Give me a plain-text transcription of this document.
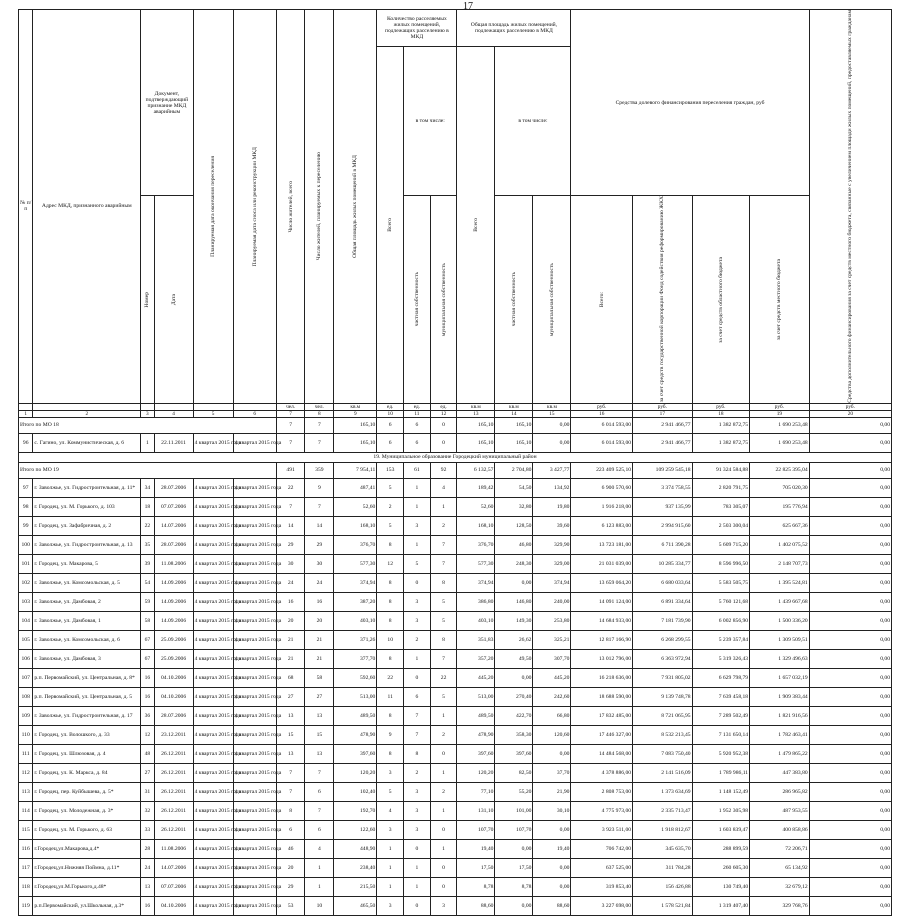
17
№ п/п	Адрес МКД, признанного аварийным	Документ, подтверждающий признание МКД аварийным		Планируемая дата окончания переселения	Планируемая дата сноса или реконструкции МКД	Число жителей, всего	Число жителей, планируемых к переселению	Общая площадь жилых помещений в МКД	Количество расселяемых жилых помещений, подлежащих расселению в МКД			Общая площадь жилых помещений, подлежащих расселению в МКД			Средства долевого финансирования переселения граждан, руб				Средства дополнительного финансирования за счет средств местного бюджета, связанные с увеличением площади жилых помещений, предоставляемых гражданам

									Всего	в том числе:		Всего	в том числе:						

		Номер	Дата							частная собственность	муниципальная собственность		частная собственность	муниципальная собственность	Всего:	за счет средств государственной корпорации Фонд содействия реформированию ЖКХ	за счет средств областного бюджета	за счет средств местного бюджета	

						чел.	чел.	кв.м	ед.	ед.	ед.	кв.м	кв.м	кв.м	руб.	руб.	руб.	руб.	руб.
1	2	3	4	5	6	7	8	9	10	11	12	13	14	15	16	17	18	19	20
Итого по МО 18						7	7	165,10	6	6	0	165,10	165,10	0,00	6 014 593,00	2 941 466,77	1 382 872,75	1 690 253,48	0,00
96	с. Гагино, ул. Коммунистическая, д. 6	1	22.11.2011	4 квартал 2015 года	4 квартал 2015 года	7	7	165,10	6	6	0	165,10	165,10	0,00	6 014 593,00	2 941 466,77	1 382 872,75	1 690 253,48	0,00
19. Муниципальное образование Городецкий муниципальный район																			
Итого по МО 19						491	359	7 954,11	153	61	92	6 132,57	2 704,80	3 427,77	223 409 525,10	109 259 545,18	91 324 584,88	22 825 395,04	0,00
97	г. Заволжье, ул. Гидростроительная, д. 11*	34	28.07.2006	4 квартал 2015 года	4 квартал 2015 года	22	9	487,41	5	1	4	189,42	54,50	134,92	6 900 570,60	3 374 758,55	2 820 791,75	705 020,30	0,00
98	г. Городец, ул. М. Горького, д. 103	18	07.07.2006	4 квартал 2015 года	4 квартал 2015 года	7	7	52,60	2	1	1	52,60	32,80	19,80	1 916 218,00	937 135,99	783 305,07	195 776,94	0,00
99	г. Городец, ул. Зафабричная, д. 2	22	14.07.2006	4 квартал 2015 года	4 квартал 2015 года	14	14	168,10	5	3	2	168,10	128,50	39,60	6 123 883,00	2 994 915,60	2 503 300,04	625 667,36	0,00
100	г. Заволжье, ул. Гидростроительная, д. 13	35	28.07.2006	4 квартал 2015 года	4 квартал 2015 года	29	29	376,70	8	1	7	376,70	46,80	329,90	13 723 181,00	6 711 390,28	5 609 715,20	1 402 075,52	0,00
101	г. Городец, ул. Макарова, 5	39	11.08.2006	4 квартал 2015 года	4 квартал 2015 года	30	30	577,30	12	5	7	577,30	248,30	329,00	21 031 039,00	10 285 334,77	8 596 996,50	2 148 707,73	0,00
102	г. Заволжье, ул. Комсомольская, д. 5	54	14.09.2006	4 квартал 2015 года	4 квартал 2015 года	24	24	374,94	8	0	8	374,94	0,00	374,94	13 659 064,20	6 680 033,64	5 583 505,75	1 395 524,81	0,00
103	г. Заволжье, ул. Дамбовая, 2	59	14.09.2006	4 квартал 2015 года	4 квартал 2015 года	16	16	387,20	8	3	5	386,80	146,80	240,00	14 091 124,00	6 891 334,64	5 760 121,68	1 439 667,68	0,00
104	г. Заволжье, ул. Дамбовая, 1	58	14.09.2006	4 квартал 2015 года	4 квартал 2015 года	20	20	403,10	8	3	5	403,10	149,30	253,80	14 684 933,00	7 181 739,90	6 002 856,90	1 500 336,20	0,00
105	г. Заволжье, ул. Комсомольская, д. 6	67	25.09.2006	4 квартал 2015 года	4 квартал 2015 года	21	21	371,26	10	2	8	351,83	26,62	325,21	12 817 166,90	6 268 299,55	5 239 357,84	1 309 509,51	0,00
106	г. Заволжье, ул. Дамбовая, 3	67	25.09.2006	4 квартал 2015 года	4 квартал 2015 года	21	21	377,70	8	1	7	357,20	49,50	307,70	13 012 796,00	6 363 972,94	5 319 326,43	1 329 496,63	0,00
107	р.п. Первомайский, ул. Центральная, д. 8*	16	04.10.2006	4 квартал 2015 года	4 квартал 2015 года	68	58	592,60	22	0	22	445,20	0,00	445,20	16 218 636,00	7 931 805,02	6 629 798,79	1 657 032,19	0,00
108	р.п. Первомайский, ул. Центральная, д. 5	16	04.10.2006	4 квартал 2015 года	4 квартал 2015 года	27	27	513,00	11	6	5	513,00	270,40	242,60	18 688 590,00	9 139 748,78	7 639 458,18	1 909 383,44	0,00
109	г. Заволжье, ул. Гидростроительная, д. 17	36	28.07.2006	4 квартал 2015 года	4 квартал 2015 года	13	13	489,50	8	7	1	489,50	422,70	66,80	17 832 485,00	8 721 065,95	7 289 502,49	1 821 916,56	0,00
110	г. Городец, ул. Волошкого, д. 33	12	23.12.2011	4 квартал 2015 года	4 квартал 2015 года	15	15	478,90	9	7	2	478,90	358,30	120,60	17 446 327,00	8 532 213,45	7 131 650,14	1 782 463,41	0,00
111	г. Городец, ул. Шлюзовая, д. 4	48	26.12.2011	4 квартал 2015 года	4 квартал 2015 года	13	13	397,60	8	8	0	397,60	397,60	0,00	14 484 568,00	7 083 750,40	5 920 952,38	1 479 865,22	0,00
112	г. Городец, ул. К. Маркса, д. 84	27	26.12.2011	4 квартал 2015 года	4 квартал 2015 года	7	7	120,20	3	2	1	120,20	82,50	37,70	4 378 886,00	2 141 516,09	1 789 986,11	447 383,80	0,00
113	г. Городец, пер. Куйбышева, д. 5*	31	26.12.2011	4 квартал 2015 года	4 квартал 2015 года	7	6	102,40	5	3	2	77,10	55,20	21,90	2 808 753,00	1 373 634,69	1 148 152,49	286 965,82	0,00
114	г. Городец, ул. Молодежная, д. 3*	32	26.12.2011	4 квартал 2015 года	4 квартал 2015 года	8	7	192,70	4	3	1	131,10	101,00	30,10	4 775 973,00	2 335 713,47	1 952 305,98	487 953,55	0,00
115	г. Городец, ул. М. Горького, д. 63	33	26.12.2011	4 квартал 2015 года	4 квартал 2015 года	6	6	122,60	3	3	0	107,70	107,70	0,00	3 923 511,00	1 918 812,67	1 603 839,47	400 858,86	0,00
116	г.Городец,ул.Макарова,д.4*	28	11.08.2006	4 квартал 2015 года	4 квартал 2015 года	46	4	448,90	1	0	1	19,40	0,00	19,40	706 742,00	345 635,70	288 899,59	72 206,71	0,00
117	г.Городец,ул.Нижняя Поймна, д.11*	24	14.07.2006	4 квартал 2015 года	4 квартал 2015 года	20	1	238,40	1	1	0	17,50	17,50	0,00	637 525,00	311 784,28	260 605,30	65 134,92	0,00
118	г.Городец,ул.М.Горького,д.48*	13	07.07.2006	4 квартал 2015 года	4 квартал 2015 года	29	1	215,50	1	1	0	8,78	8,78	0,00	319 853,40	156 426,88	130 749,40	32 679,12	0,00
119	р.п.Первомайский, ул.Школьная, д.3*	16	04.10.2006	4 квартал 2015 года	4 квартал 2015 года	53	10	465,50	3	0	3	88,60	0,00	88,60	3 227 698,00	1 578 521,84	1 319 407,40	329 768,76	0,00
